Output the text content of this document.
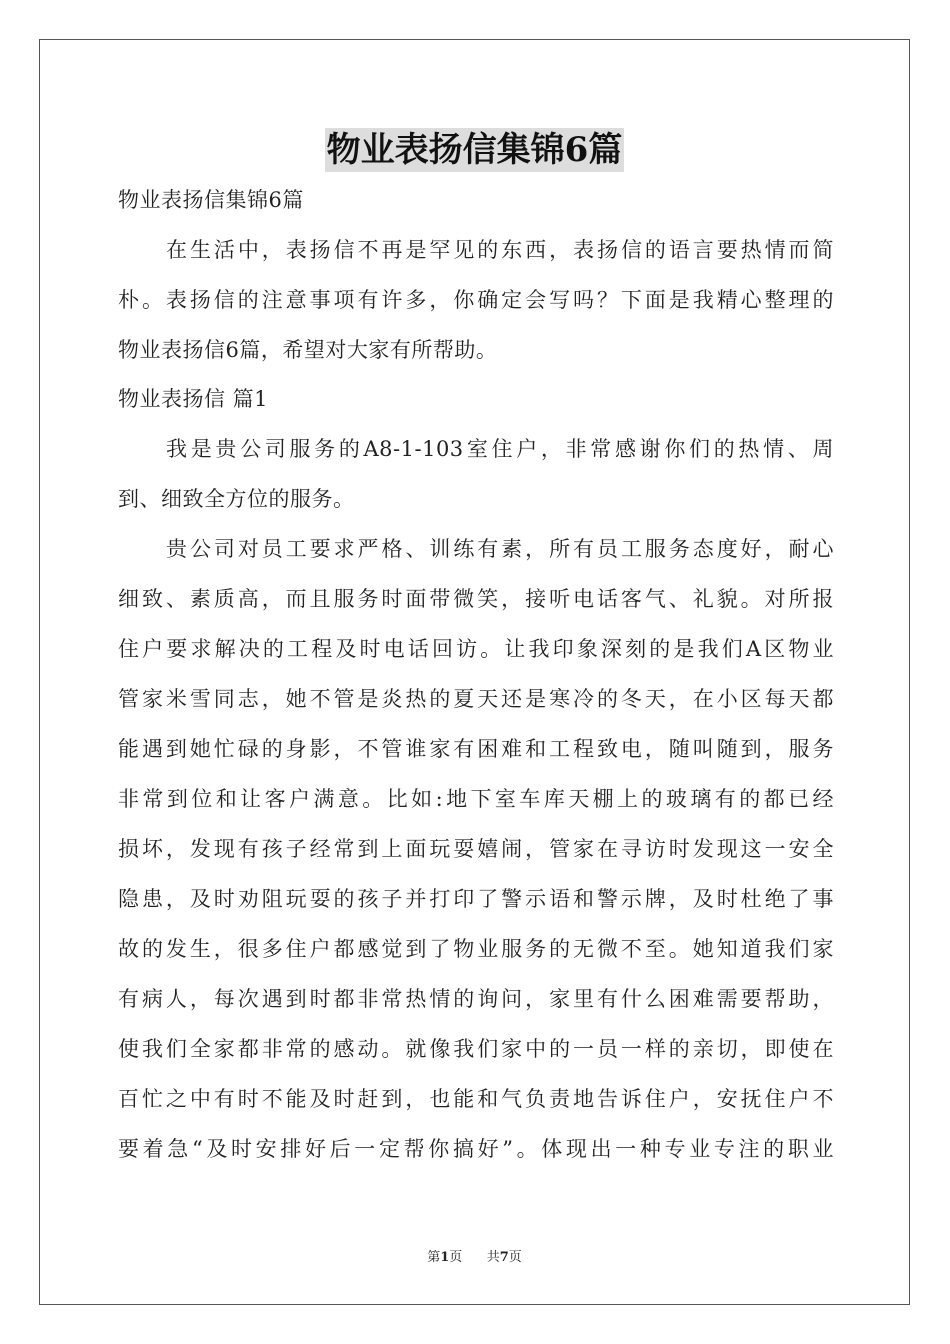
物业表扬信集锦6篇
物业表扬信集锦6篇
在生活中，表扬信不再是罕见的东西，表扬信的语言要热情而简
朴。表扬信的注意事项有许多，你确定会写吗？下面是我精心整理的
物业表扬信6篇，希望对大家有所帮助。
物业表扬信 篇1
我是贵公司服务的A8-1-103室住户，非常感谢你们的热情、周
到、细致全方位的服务。
贵公司对员工要求严格、训练有素，所有员工服务态度好，耐心
细致、素质高，而且服务时面带微笑，接听电话客气、礼貌。对所报
住户要求解决的工程及时电话回访。让我印象深刻的是我们A区物业
管家米雪同志，她不管是炎热的夏天还是寒冷的冬天，在小区每天都
能遇到她忙碌的身影，不管谁家有困难和工程致电，随叫随到，服务
非常到位和让客户满意。比如:地下室车库天棚上的玻璃有的都已经
损坏，发现有孩子经常到上面玩耍嬉闹，管家在寻访时发现这一安全
隐患，及时劝阻玩耍的孩子并打印了警示语和警示牌，及时杜绝了事
故的发生，很多住户都感觉到了物业服务的无微不至。她知道我们家
有病人，每次遇到时都非常热情的询问，家里有什么困难需要帮助，
使我们全家都非常的感动。就像我们家中的一员一样的亲切，即使在
百忙之中有时不能及时赶到，也能和气负责地告诉住户，安抚住户不
要着急“及时安排好后一定帮你搞好”。体现出一种专业专注的职业
第1页 共7页
